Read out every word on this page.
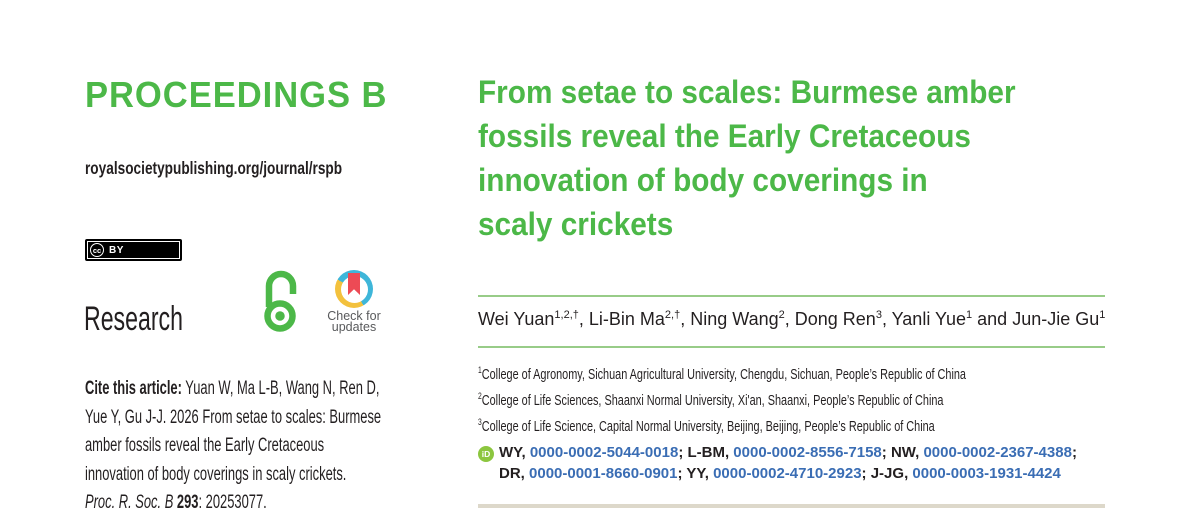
PROCEEDINGS B
royalsocietypublishing.org/journal/rspb
cc BY
Research	Check for
updates
Cite this article: Yuan W, Ma L-B, Wang N, Ren D,
Yue Y, Gu J-J. 2026 From setae to scales: Burmese
amber fossils reveal the Early Cretaceous
innovation of body coverings in scaly crickets.
Proc. R. Soc. B 293: 20253077.
From setae to scales: Burmese amber
fossils reveal the Early Cretaceous
innovation of body coverings in
scaly crickets
Wei Yuan$^{1,2,\dagger}$, Li-Bin $Ma^{2,\dagger}$, Ning Wang$^2$, Dong Ren$^3$, Yanli Yue$^1$ and Jun-Jie Gu$^1$
$^1$College of Agronomy, Sichuan Agricultural University, Chengdu, Sichuan, People’s Republic of China
$^2$College of Life Sciences, Shaanxi Normal University, Xi'an, Shaanxi, People’s Republic of China
$^3$College of Life Science, Capital Normal University, Beijing, Beijing, People’s Republic of China
iD WY, 0000-0002-5044-0018; L-BM, 0000-0002-8556-7158; NW, 0000-0002-2367-4388;
DR, 0000-0001-8660-0901; YY, 0000-0002-4710-2923; J-JG, 0000-0003-1931-4424
